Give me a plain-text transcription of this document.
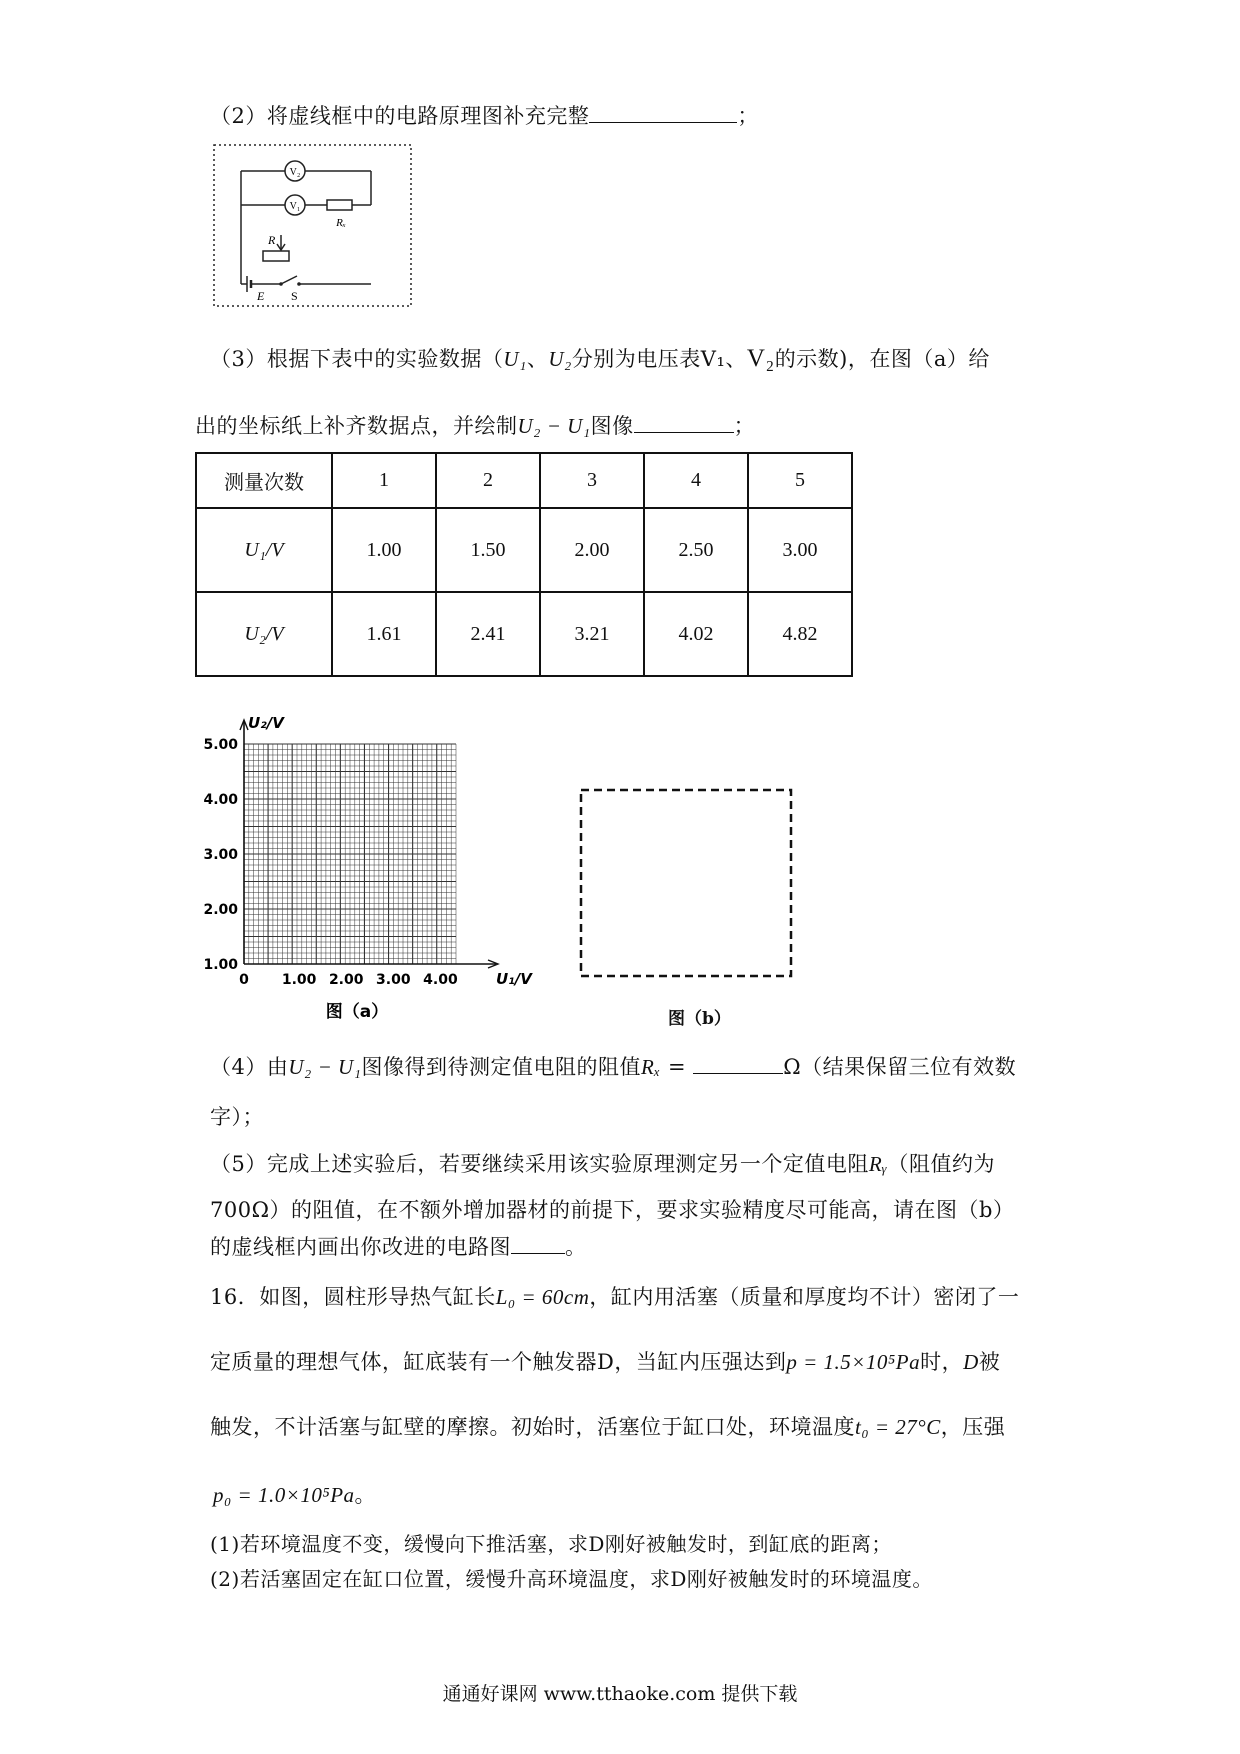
（2）将虚线框中的电路原理图补充完整	；
V₂
V₁
Rₓ
R
E S
（3）根据下表中的实验数据（U₁、U₂分别为电压表V₁、V₂的示数)，在图（a）给
出的坐标纸上补齐数据点，并绘制U₂ − U₁图像	；
测量次数	1	2	3	4	5
U₁/V	1.00	1.50	2.00	2.50	3.00
U₂/V	1.61	2.41	3.21	4.02	4.82
1.00
2.00
3.00
4.00
5.00
0 1.00 2.00 3.00 4.00
U₂/V
U₁/V
图（a）	图（b）
（4）由U₂ − U₁图像得到待测定值电阻的阻值Rₓ =	Ω（结果保留三位有效数
字）；
（5）完成上述实验后，若要继续采用该实验原理测定另一个定值电阻Rᵧ（阻值约为
700Ω）的阻值，在不额外增加器材的前提下，要求实验精度尽可能高，请在图（b）
的虚线框内画出你改进的电路图	。
16．如图，圆柱形导热气缸长L₀ = 60cm，缸内用活塞（质量和厚度均不计）密闭了一
定质量的理想气体，缸底装有一个触发器D，当缸内压强达到p = 1.5×10⁵Pa时，D被
触发，不计活塞与缸壁的摩擦。初始时，活塞位于缸口处，环境温度t₀ = 27°C，压强
p₀ = 1.0×10⁵Pa。
(1)若环境温度不变，缓慢向下推活塞，求D刚好被触发时，到缸底的距离；
(2)若活塞固定在缸口位置，缓慢升高环境温度，求D刚好被触发时的环境温度。
通通好课网 www.tthaoke.com 提供下载
